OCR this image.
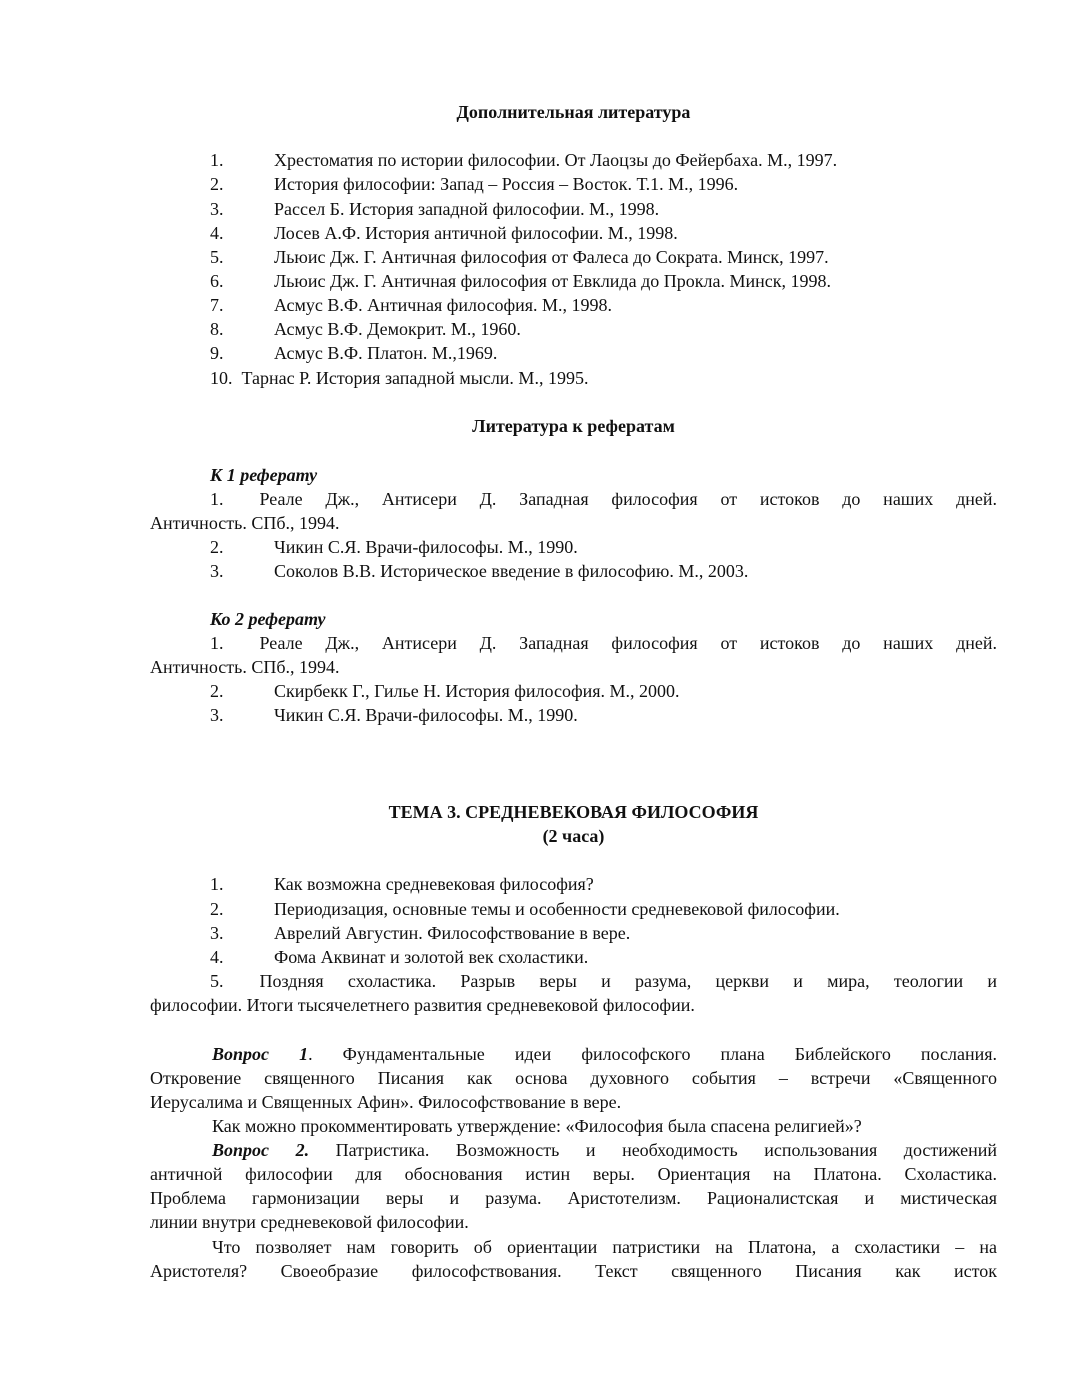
Дополнительная литература
1.	Хрестоматия по истории философии. От Лаоцзы до Фейербаха. М., 1997.
2.	История философии: Запад – Россия – Восток. Т.1. М., 1996.
3.	Рассел Б. История западной философии. М., 1998.
4.	Лосев А.Ф. История античной философии. М., 1998.
5.	Льюис Дж. Г. Античная философия от Фалеса до Сократа. Минск, 1997.
6.	Льюис Дж. Г. Античная философия от Евклида до Прокла. Минск, 1998.
7.	Асмус В.Ф. Античная философия. М., 1998.
8.	Асмус В.Ф. Демокрит. М., 1960.
9.	Асмус В.Ф. Платон. М.,1969.
10.  Тарнас Р. История западной мысли. М., 1995.
Литература к рефератам
К 1 реферату
1.  Реале Дж., Антисери Д. Западная философия от истоков до наших дней.
Античность. СПб., 1994.
2.	Чикин С.Я. Врачи-философы. М., 1990.
3.	Соколов В.В. Историческое введение в философию. М., 2003.
Ко 2 реферату
1.  Реале Дж., Антисери Д. Западная философия от истоков до наших дней.
Античность. СПб., 1994.
2.	Скирбекк Г., Гилье Н. История философия. М., 2000.
3.	Чикин С.Я. Врачи-философы. М., 1990.
ТЕМА 3. СРЕДНЕВЕКОВАЯ ФИЛОСОФИЯ
(2 часа)
1.	Как возможна средневековая философия?
2.	Периодизация, основные темы и особенности средневековой философии.
3.	Аврелий Августин. Философствование в вере.
4.	Фома Аквинат и золотой век схоластики.
5.  Поздняя схоластика. Разрыв веры и разума, церкви и мира, теологии и
философии. Итоги тысячелетнего развития средневековой философии.
Вопрос 1. Фундаментальные идеи философского плана Библейского послания.
Откровение священного Писания как основа духовного события – встречи «Священного
Иерусалима и Священных Афин». Философствование в вере.
Как можно прокомментировать утверждение: «Философия была спасена религией»?
Вопрос 2. Патристика. Возможность и необходимость использования достижений
античной философии для обоснования истин веры. Ориентация на Платона. Схоластика.
Проблема гармонизации веры и разума. Аристотелизм. Рационалистская и мистическая
линии внутри средневековой философии.
Что позволяет нам говорить об ориентации патристики на Платона, а схоластики – на
Аристотеля? Своеобразие философствования. Текст священного Писания как исток
